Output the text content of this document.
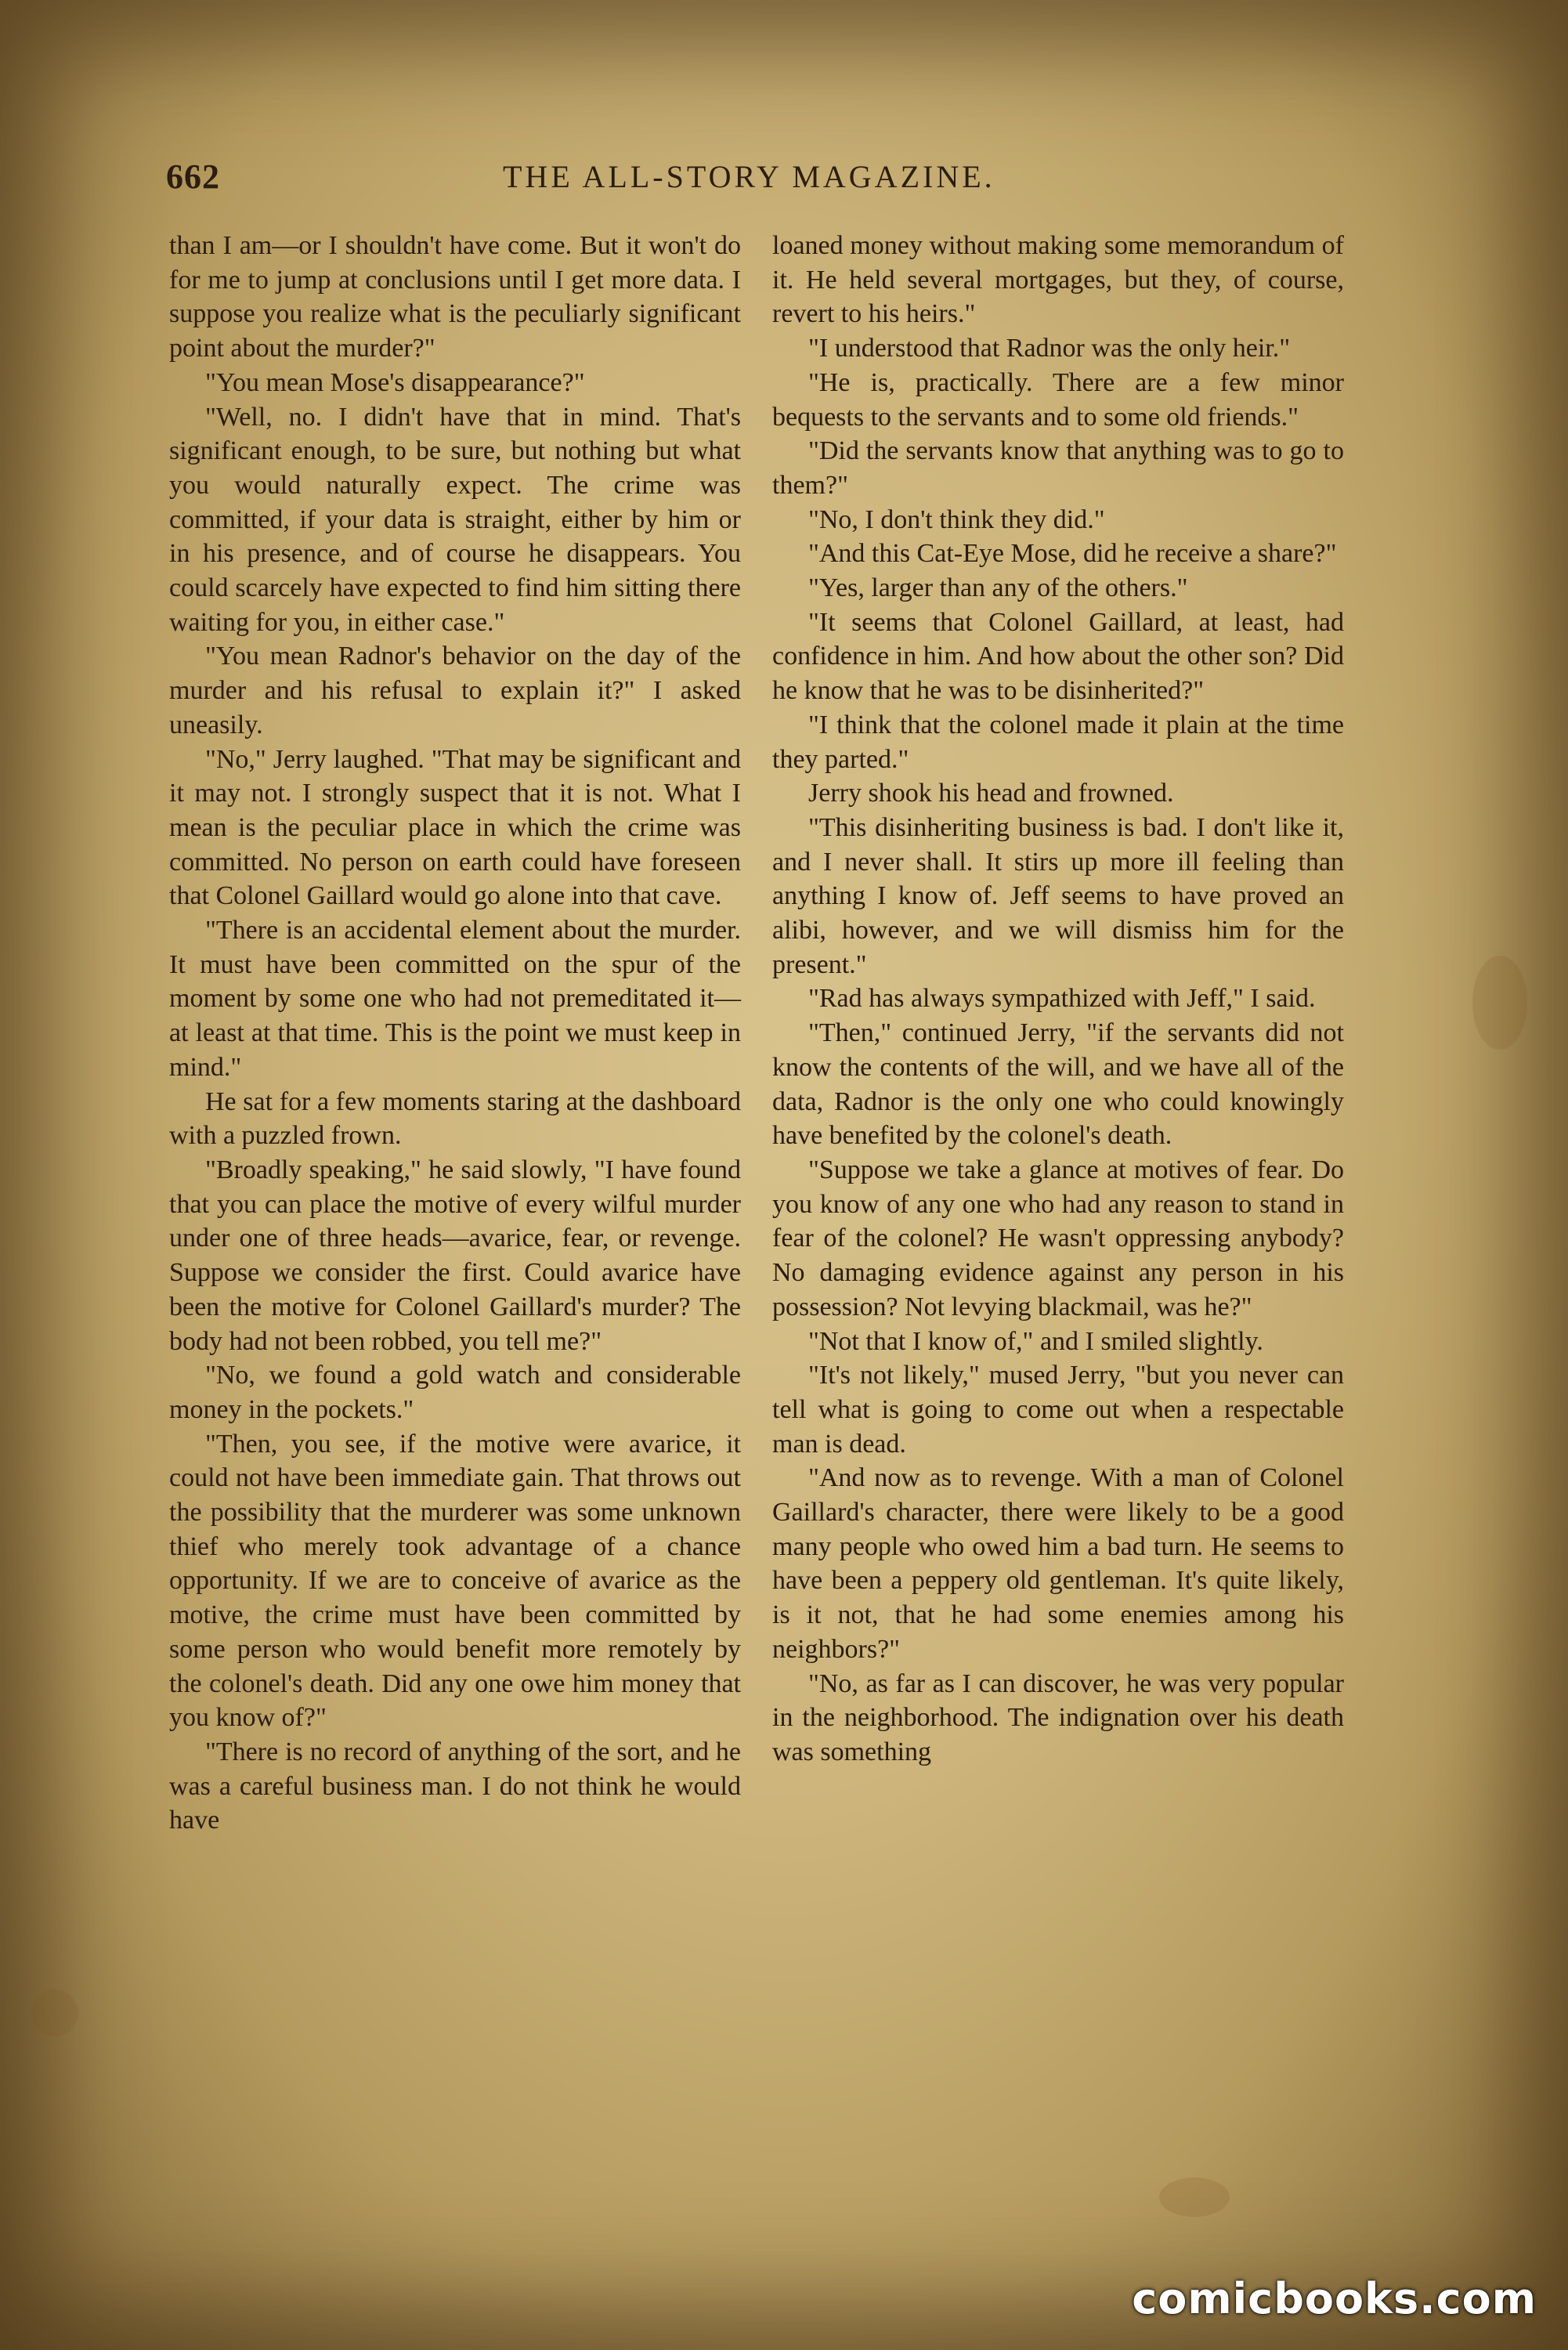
662	THE ALL-STORY MAGAZINE.

than I am—or I shouldn't have come. But it won't do for me to jump at conclusions until I get more data. I suppose you realize what is the peculiarly significant point about the murder?"

"You mean Mose's disappearance?"

"Well, no. I didn't have that in mind. That's significant enough, to be sure, but nothing but what you would naturally expect. The crime was committed, if your data is straight, either by him or in his presence, and of course he disappears. You could scarcely have expected to find him sitting there waiting for you, in either case."

"You mean Radnor's behavior on the day of the murder and his refusal to explain it?" I asked uneasily.

"No," Jerry laughed. "That may be significant and it may not. I strongly suspect that it is not. What I mean is the peculiar place in which the crime was committed. No person on earth could have foreseen that Colonel Gaillard would go alone into that cave.

"There is an accidental element about the murder. It must have been committed on the spur of the moment by some one who had not premeditated it—at least at that time. This is the point we must keep in mind."

He sat for a few moments staring at the dashboard with a puzzled frown.

"Broadly speaking," he said slowly, "I have found that you can place the motive of every wilful murder under one of three heads—avarice, fear, or revenge. Suppose we consider the first. Could avarice have been the motive for Colonel Gaillard's murder? The body had not been robbed, you tell me?"

"No, we found a gold watch and considerable money in the pockets."

"Then, you see, if the motive were avarice, it could not have been immediate gain. That throws out the possibility that the murderer was some unknown thief who merely took advantage of a chance opportunity. If we are to conceive of avarice as the motive, the crime must have been committed by some person who would benefit more remotely by the colonel's death. Did any one owe him money that you know of?"

"There is no record of anything of the sort, and he was a careful business man. I do not think he would have

loaned money without making some memorandum of it. He held several mortgages, but they, of course, revert to his heirs."

"I understood that Radnor was the only heir."

"He is, practically. There are a few minor bequests to the servants and to some old friends."

"Did the servants know that anything was to go to them?"

"No, I don't think they did."

"And this Cat-Eye Mose, did he receive a share?"

"Yes, larger than any of the others."

"It seems that Colonel Gaillard, at least, had confidence in him. And how about the other son? Did he know that he was to be disinherited?"

"I think that the colonel made it plain at the time they parted."

Jerry shook his head and frowned.

"This disinheriting business is bad. I don't like it, and I never shall. It stirs up more ill feeling than anything I know of. Jeff seems to have proved an alibi, however, and we will dismiss him for the present."

"Rad has always sympathized with Jeff," I said.

"Then," continued Jerry, "if the servants did not know the contents of the will, and we have all of the data, Radnor is the only one who could knowingly have benefited by the colonel's death.

"Suppose we take a glance at motives of fear. Do you know of any one who had any reason to stand in fear of the colonel? He wasn't oppressing anybody? No damaging evidence against any person in his possession? Not levying blackmail, was he?"

"Not that I know of," and I smiled slightly.

"It's not likely," mused Jerry, "but you never can tell what is going to come out when a respectable man is dead.

"And now as to revenge. With a man of Colonel Gaillard's character, there were likely to be a good many people who owed him a bad turn. He seems to have been a peppery old gentleman. It's quite likely, is it not, that he had some enemies among his neighbors?"

"No, as far as I can discover, he was very popular in the neighborhood. The indignation over his death was something

comicbooks.com
